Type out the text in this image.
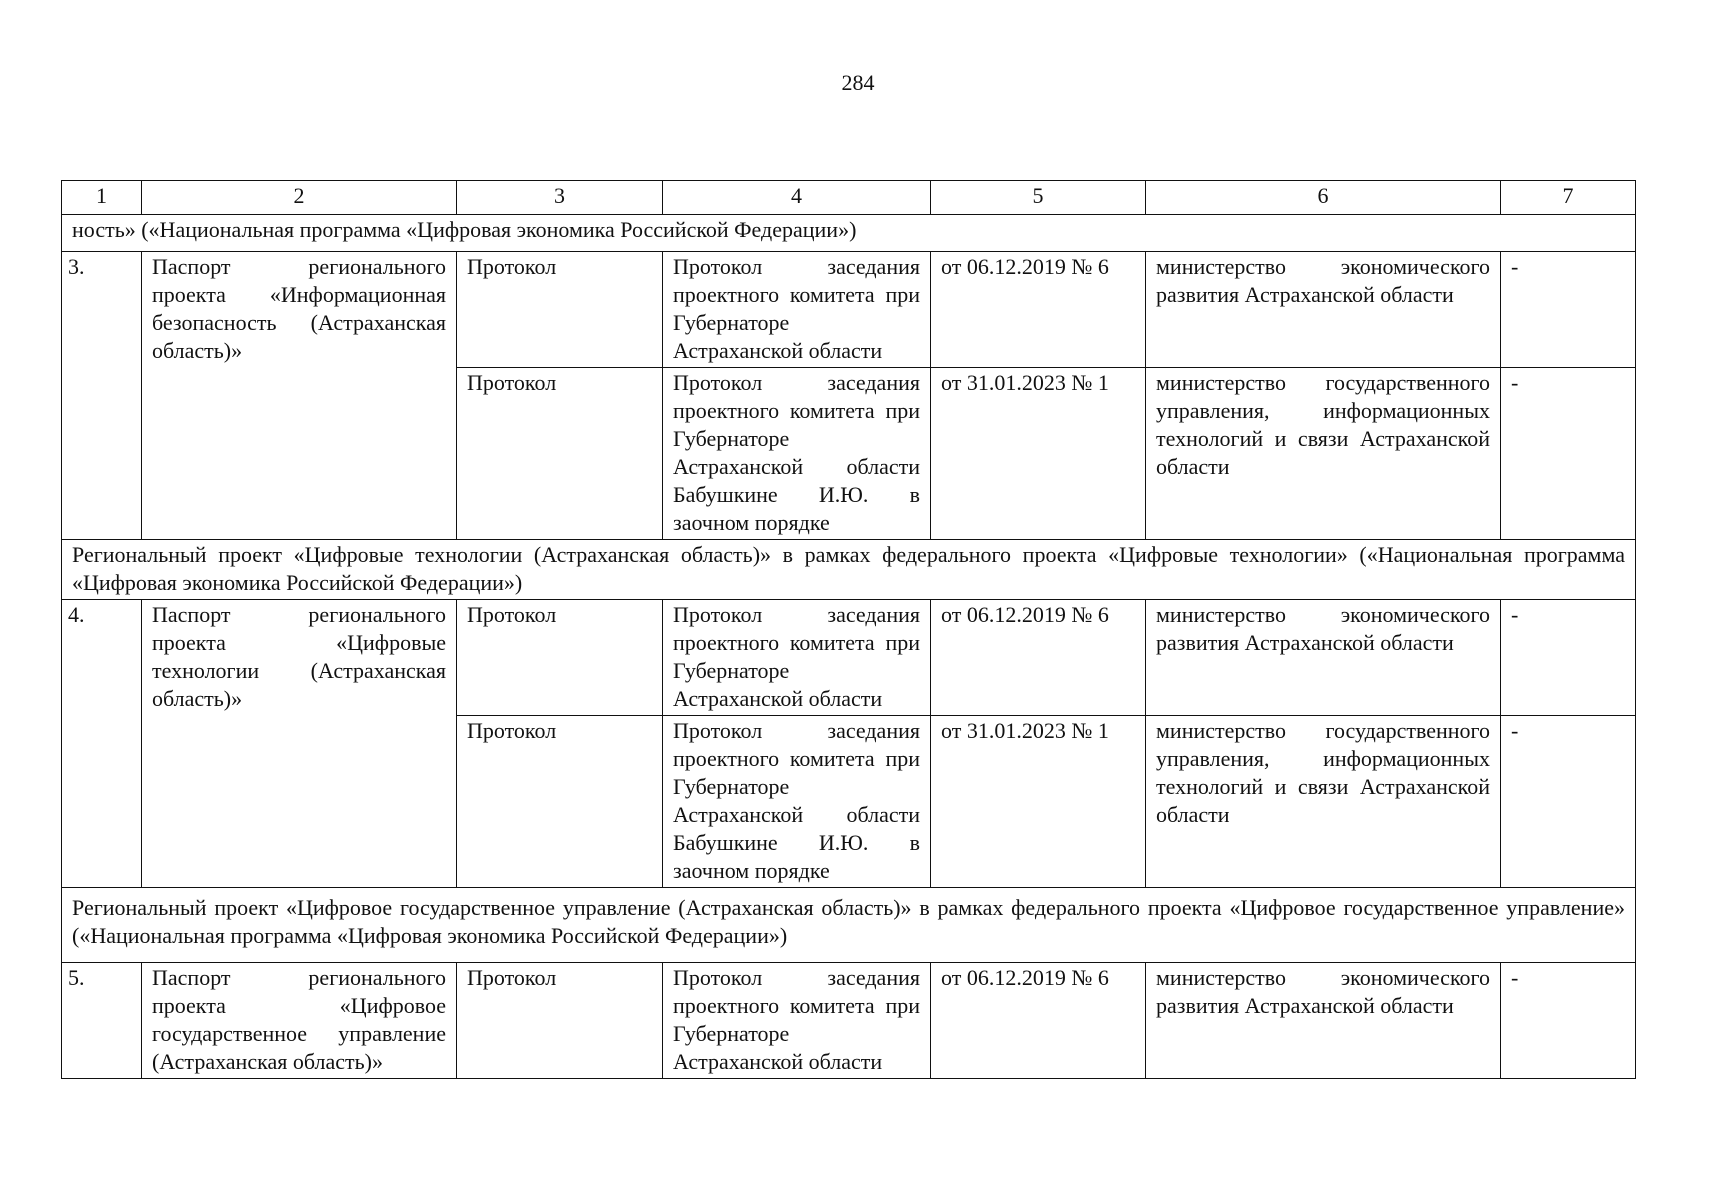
284
1	2	3	4	5	6	7
ность» («Национальная программа «Цифровая экономика Российской Федерации»)						
3.	Паспорт регионального проекта «Информационная безопасность (Астраханская область)»	Протокол	Протокол заседания проектного комитета при Губернаторе Астраханской области	от 06.12.2019 № 6	министерство экономического развития Астраханской области	-
		Протокол	Протокол заседания проектного комитета при Губернаторе Астраханской области Бабушкине И.Ю. в заочном порядке	от 31.01.2023 № 1	министерство государственного управления, информационных технологий и связи Астраханской области	-
Региональный проект «Цифровые технологии (Астраханская область)» в рамках федерального проекта «Цифровые технологии» («Национальная программа «Цифровая экономика Российской Федерации»)						
4.	Паспорт регионального проекта «Цифровые технологии (Астраханская область)»	Протокол	Протокол заседания проектного комитета при Губернаторе Астраханской области	от 06.12.2019 № 6	министерство экономического развития Астраханской области	-
		Протокол	Протокол заседания проектного комитета при Губернаторе Астраханской области Бабушкине И.Ю. в заочном порядке	от 31.01.2023 № 1	министерство государственного управления, информационных технологий и связи Астраханской области	-
Региональный проект «Цифровое государственное управление (Астраханская область)» в рамках федерального проекта «Цифровое государственное управление» («Национальная программа «Цифровая экономика Российской Федерации»)						
5.	Паспорт регионального проекта «Цифровое государственное управление (Астраханская область)»	Протокол	Протокол заседания проектного комитета при Губернаторе Астраханской области	от 06.12.2019 № 6	министерство экономического развития Астраханской области	-
